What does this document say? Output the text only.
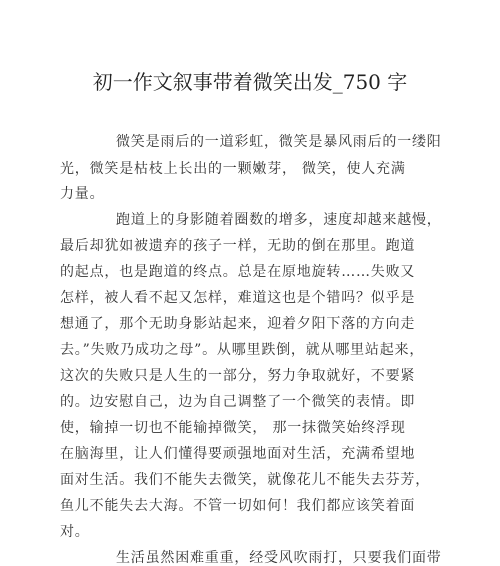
初一作文叙事带着微笑出发_750 字
微笑是雨后的一道彩虹，微笑是暴风雨后的一缕阳
光，微笑是枯枝上长出的一颗嫩芽， 微笑，使人充满
力量。
跑道上的身影随着圈数的增多，速度却越来越慢，
最后却犹如被遗弃的孩子一样，无助的倒在那里。跑道
的起点，也是跑道的终点。总是在原地旋转……失败又
怎样，被人看不起又怎样，难道这也是个错吗？似乎是
想通了，那个无助身影站起来，迎着夕阳下落的方向走
去。”失败乃成功之母”。从哪里跌倒，就从哪里站起来，
这次的失败只是人生的一部分，努力争取就好，不要紧
的。边安慰自己，边为自己调整了一个微笑的表情。即
使，输掉一切也不能输掉微笑， 那一抹微笑始终浮现
在脑海里，让人们懂得要顽强地面对生活，充满希望地
面对生活。我们不能失去微笑，就像花儿不能失去芬芳，
鱼儿不能失去大海。不管一切如何！我们都应该笑着面
对。
生活虽然困难重重，经受风吹雨打，只要我们面带
